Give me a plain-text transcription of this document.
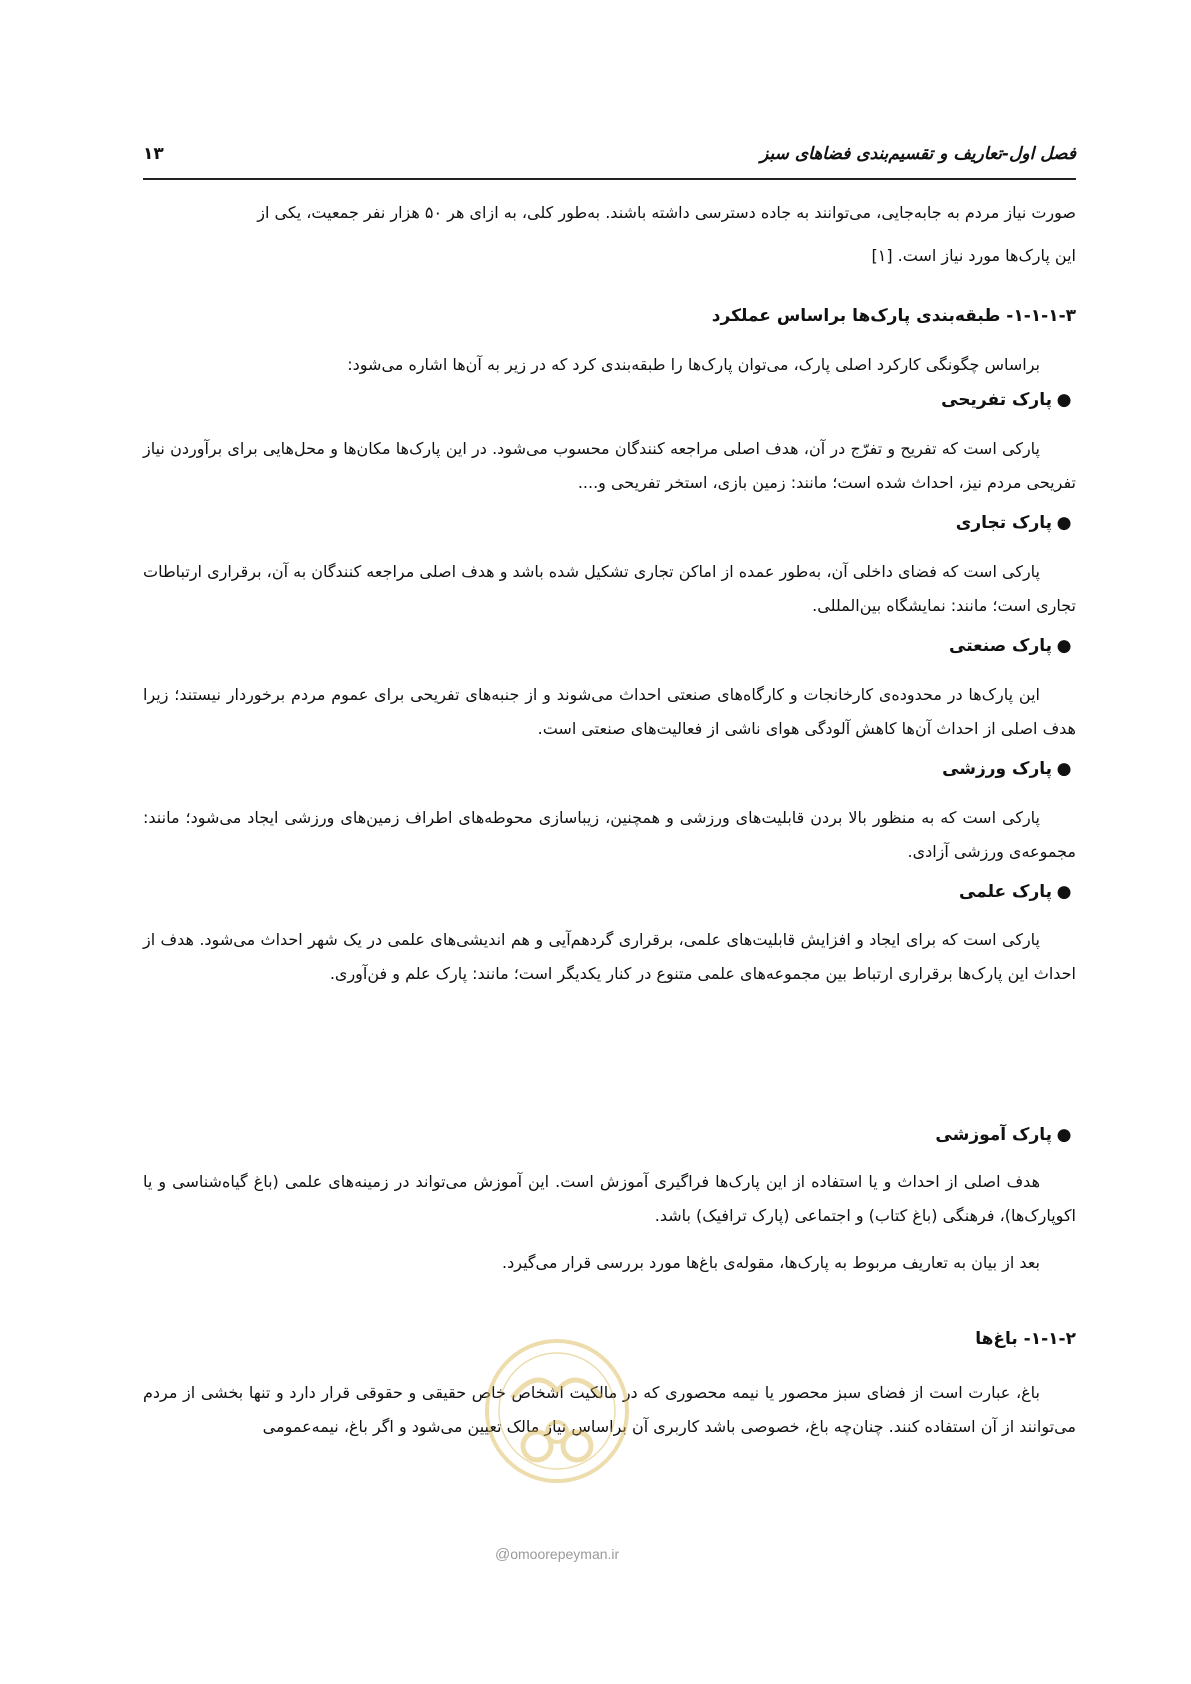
فصل اول-تعاریف و تقسیم‌بندی فضاهای سبز
۱۳

صورت نیاز مردم به جابه‌جایی، می‌توانند به جاده دسترسی داشته باشند. به‌طور کلی، به ازای هر ۵۰ هزار نفر جمعیت، یکی از

این پارک‌ها مورد نیاز است. [۱]

۱-۱-۱-۳- طبقه‌بندی پارک‌ها براساس عملکرد

براساس چگونگی کارکرد اصلی پارک، می‌توان پارک‌ها را طبقه‌بندی کرد که در زیر به آن‌ها اشاره می‌شود:

●پارک تفریحی

پارکی است که تفریح و تفرّج در آن، هدف اصلی مراجعه کنندگان محسوب می‌شود. در این پارک‌ها مکان‌ها و محل‌هایی برای برآوردن نیاز تفریحی مردم نیز، احداث شده است؛ مانند: زمین بازی، استخر تفریحی و....

●پارک تجاری

پارکی است که فضای داخلی آن، به‌طور عمده از اماکن تجاری تشکیل شده باشد و هدف اصلی مراجعه کنندگان به آن، برقراری ارتباطات تجاری است؛ مانند: نمایشگاه بین‌المللی.

●پارک صنعتی

این پارک‌ها در محدوده‌ی کارخانجات و کارگاه‌های صنعتی احداث می‌شوند و از جنبه‌های تفریحی برای عموم مردم برخوردار نیستند؛ زیرا هدف اصلی از احداث آن‌ها کاهش آلودگی هوای ناشی از فعالیت‌های صنعتی است.

●پارک ورزشی

پارکی است که به منظور بالا بردن قابلیت‌های ورزشی و همچنین، زیباسازی محوطه‌های اطراف زمین‌های ورزشی ایجاد می‌شود؛ مانند: مجموعه‌ی ورزشی آزادی.

●پارک علمی

پارکی است که برای ایجاد و افزایش قابلیت‌های علمی، برقراری گردهم‌آیی و هم اندیشی‌های علمی در یک شهر احداث می‌شود. هدف از احداث این پارک‌ها برقراری ارتباط بین مجموعه‌های علمی متنوع در کنار یکدیگر است؛ مانند: پارک علم و فن‌آوری.

●پارک آموزشی

هدف اصلی از احداث و یا استفاده از این پارک‌ها فراگیری آموزش است. این آموزش می‌تواند در زمینه‌های علمی (باغ گیاه‌شناسی و یا اکوپارک‌ها)، فرهنگی (باغ کتاب) و اجتماعی (پارک ترافیک) باشد.

بعد از بیان به تعاریف مربوط به پارک‌ها، مقوله‌ی باغ‌ها مورد بررسی قرار می‌گیرد.

۱-۱-۲- باغ‌ها

باغ، عبارت است از فضای سبز محصور یا نیمه محصوری که در مالکیت اشخاص خاص حقیقی و حقوقی قرار دارد و تنها بخشی از مردم می‌توانند از آن استفاده کنند. چنان‌چه باغ، خصوصی باشد کاربری آن براساس نیاز مالک تعیین می‌شود و اگر باغ، نیمه‌عمومی

@omoorepeyman.ir
